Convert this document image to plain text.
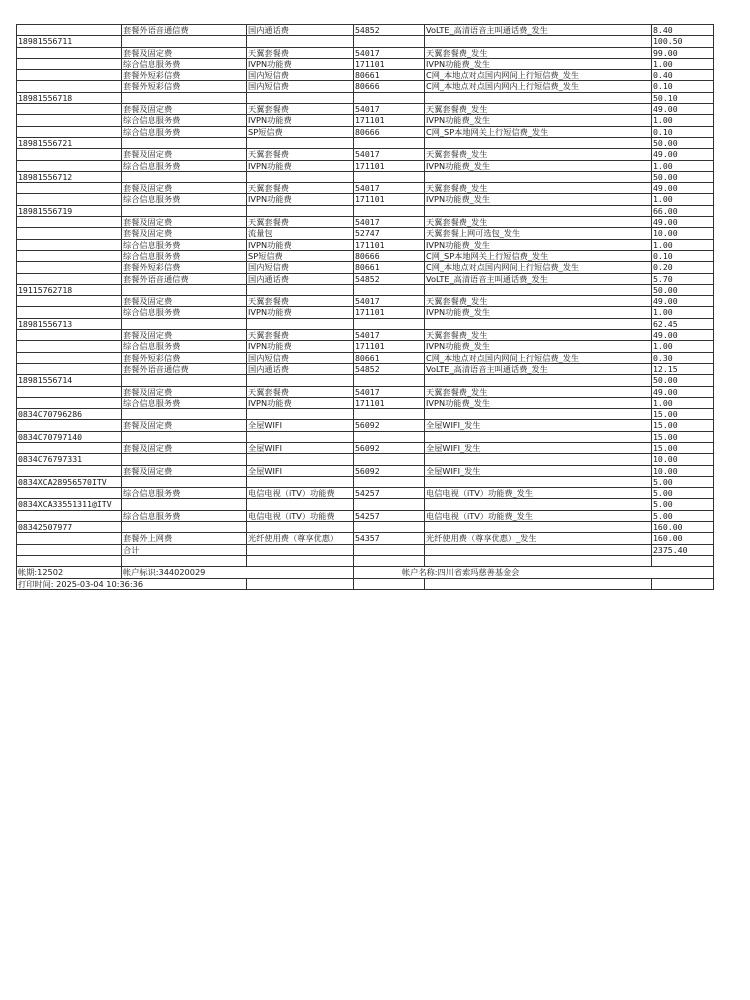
	套餐外语音通信费	国内通话费	54852	VoLTE_高清语音主叫通话费_发生	8.40
18981556711					100.50
	套餐及固定费	天翼套餐费	54017	天翼套餐费_发生	99.00
	综合信息服务费	IVPN功能费	171101	IVPN功能费_发生	1.00
	套餐外短彩信费	国内短信费	80661	C网_本地点对点国内网间上行短信费_发生	0.40
	套餐外短彩信费	国内短信费	80666	C网_本地点对点国内网内上行短信费_发生	0.10
18981556718					50.10
	套餐及固定费	天翼套餐费	54017	天翼套餐费_发生	49.00
	综合信息服务费	IVPN功能费	171101	IVPN功能费_发生	1.00
	综合信息服务费	SP短信费	80666	C网_SP本地网关上行短信费_发生	0.10
18981556721					50.00
	套餐及固定费	天翼套餐费	54017	天翼套餐费_发生	49.00
	综合信息服务费	IVPN功能费	171101	IVPN功能费_发生	1.00
18981556712					50.00
	套餐及固定费	天翼套餐费	54017	天翼套餐费_发生	49.00
	综合信息服务费	IVPN功能费	171101	IVPN功能费_发生	1.00
18981556719					66.00
	套餐及固定费	天翼套餐费	54017	天翼套餐费_发生	49.00
	套餐及固定费	流量包	52747	天翼套餐上网可选包_发生	10.00
	综合信息服务费	IVPN功能费	171101	IVPN功能费_发生	1.00
	综合信息服务费	SP短信费	80666	C网_SP本地网关上行短信费_发生	0.10
	套餐外短彩信费	国内短信费	80661	C网_本地点对点国内网间上行短信费_发生	0.20
	套餐外语音通信费	国内通话费	54852	VoLTE_高清语音主叫通话费_发生	5.70
19115762718					50.00
	套餐及固定费	天翼套餐费	54017	天翼套餐费_发生	49.00
	综合信息服务费	IVPN功能费	171101	IVPN功能费_发生	1.00
18981556713					62.45
	套餐及固定费	天翼套餐费	54017	天翼套餐费_发生	49.00
	综合信息服务费	IVPN功能费	171101	IVPN功能费_发生	1.00
	套餐外短彩信费	国内短信费	80661	C网_本地点对点国内网间上行短信费_发生	0.30
	套餐外语音通信费	国内通话费	54852	VoLTE_高清语音主叫通话费_发生	12.15
18981556714					50.00
	套餐及固定费	天翼套餐费	54017	天翼套餐费_发生	49.00
	综合信息服务费	IVPN功能费	171101	IVPN功能费_发生	1.00
0834C70796286					15.00
	套餐及固定费	全屋WIFI	56092	全屋WIFI_发生	15.00
0834C70797140					15.00
	套餐及固定费	全屋WIFI	56092	全屋WIFI_发生	15.00
0834C76797331					10.00
	套餐及固定费	全屋WIFI	56092	全屋WIFI_发生	10.00
0834XCA28956570ITV					5.00
	综合信息服务费	电信电视（iTV）功能费	54257	电信电视（iTV）功能费_发生	5.00
0834XCA33551311@ITV					5.00
	综合信息服务费	电信电视（iTV）功能费	54257	电信电视（iTV）功能费_发生	5.00
08342507977					160.00
	套餐外上网费	光纤使用费（尊享优惠）	54357	光纤使用费（尊享优惠）_发生	160.00
	合计				2375.40

帐期:12502	帐户标识:344020029		帐户名称:四川省索玛慈善基金会		
打印时间: 2025-03-04 10:36:36					
